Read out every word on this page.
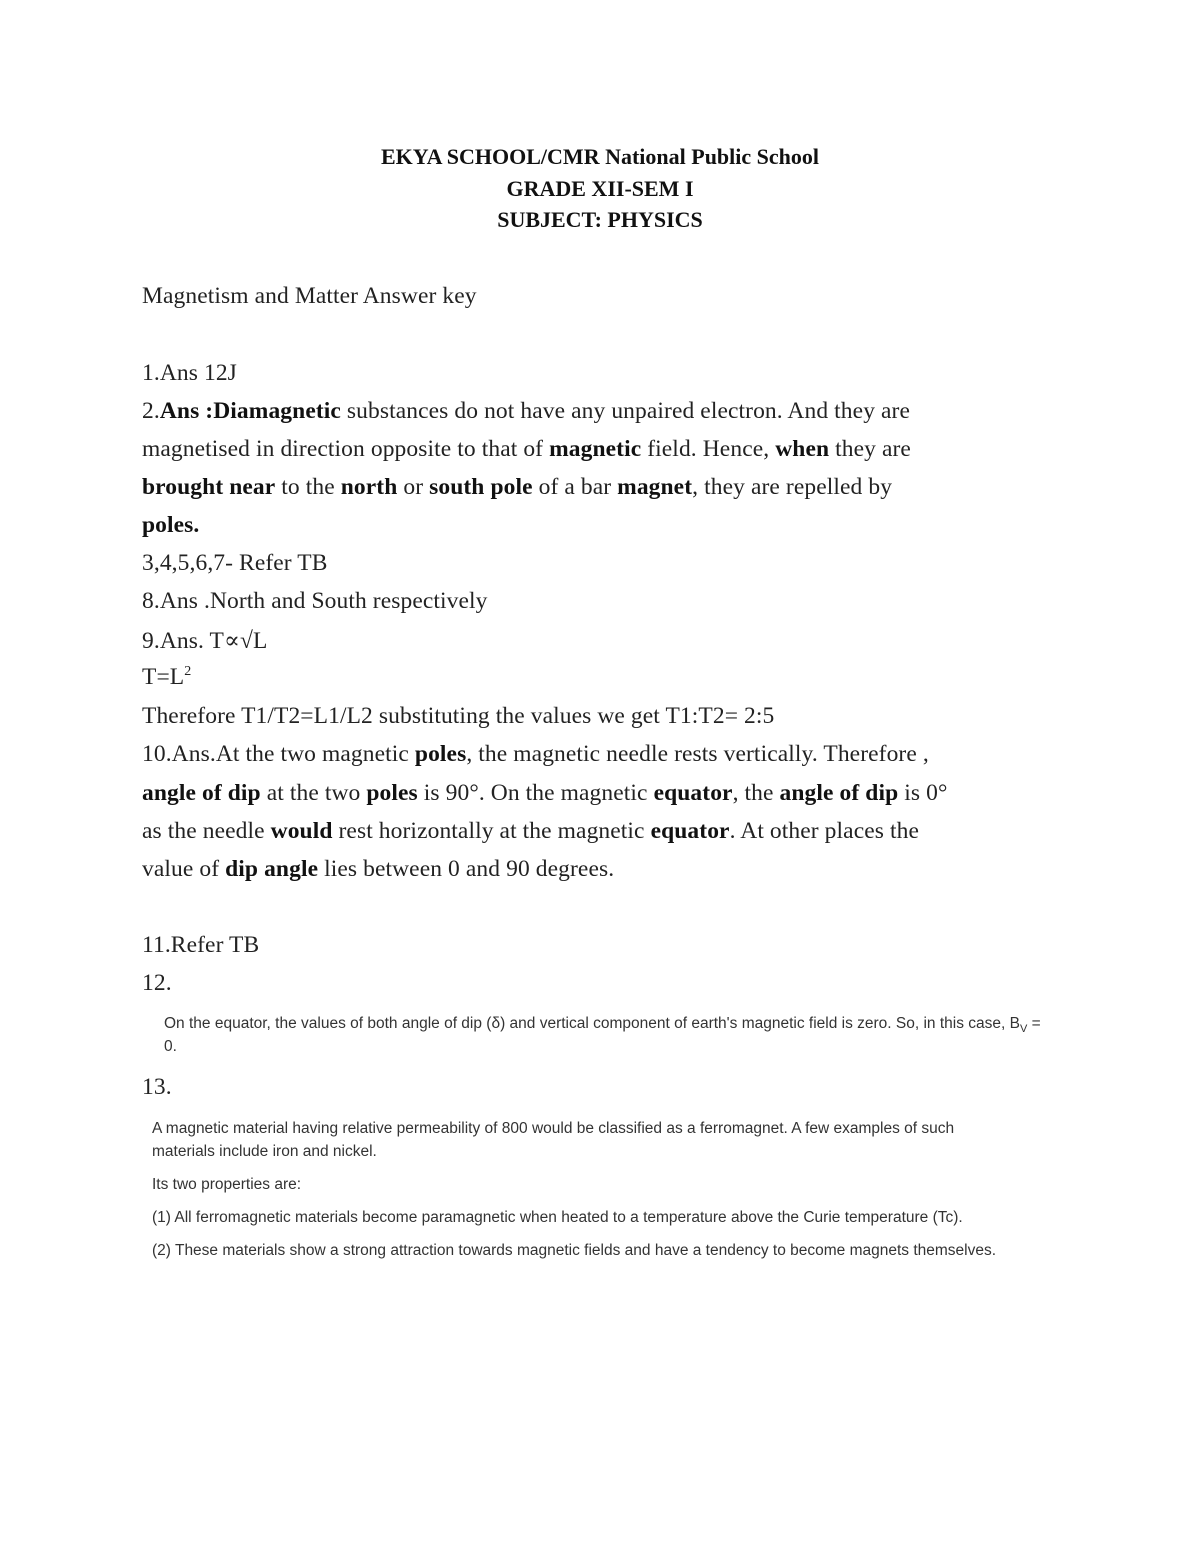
EKYA SCHOOL/CMR National Public School
GRADE XII-SEM I
SUBJECT: PHYSICS
Magnetism and Matter Answer key
1.Ans 12J
2.Ans :Diamagnetic substances do not have any unpaired electron. And they are
magnetised in direction opposite to that of magnetic field. Hence, when they are
brought near to the north or south pole of a bar magnet, they are repelled by
poles.
3,4,5,6,7- Refer TB
8.Ans .North and South respectively
9.Ans. T∝√L
$T=L^2$
Therefore T1/T2=L1/L2 substituting the values we get T1:T2= 2:5
10.Ans.At the two magnetic poles, the magnetic needle rests vertically. Therefore ,
angle of dip at the two poles is 90°. On the magnetic equator, the angle of dip is 0°
as the needle would rest horizontally at the magnetic equator. At other places the
value of dip angle lies between 0 and 90 degrees.
11.Refer TB
12.
On the equator, the values of both angle of dip (δ) and vertical component of earth's magnetic field is zero. So, in this case, $B_V$ =
0.
13.
A magnetic material having relative permeability of 800 would be classified as a ferromagnet. A few examples of such
materials include iron and nickel.
Its two properties are:
(1) All ferromagnetic materials become paramagnetic when heated to a temperature above the Curie temperature (Tc).
(2) These materials show a strong attraction towards magnetic fields and have a tendency to become magnets themselves.
